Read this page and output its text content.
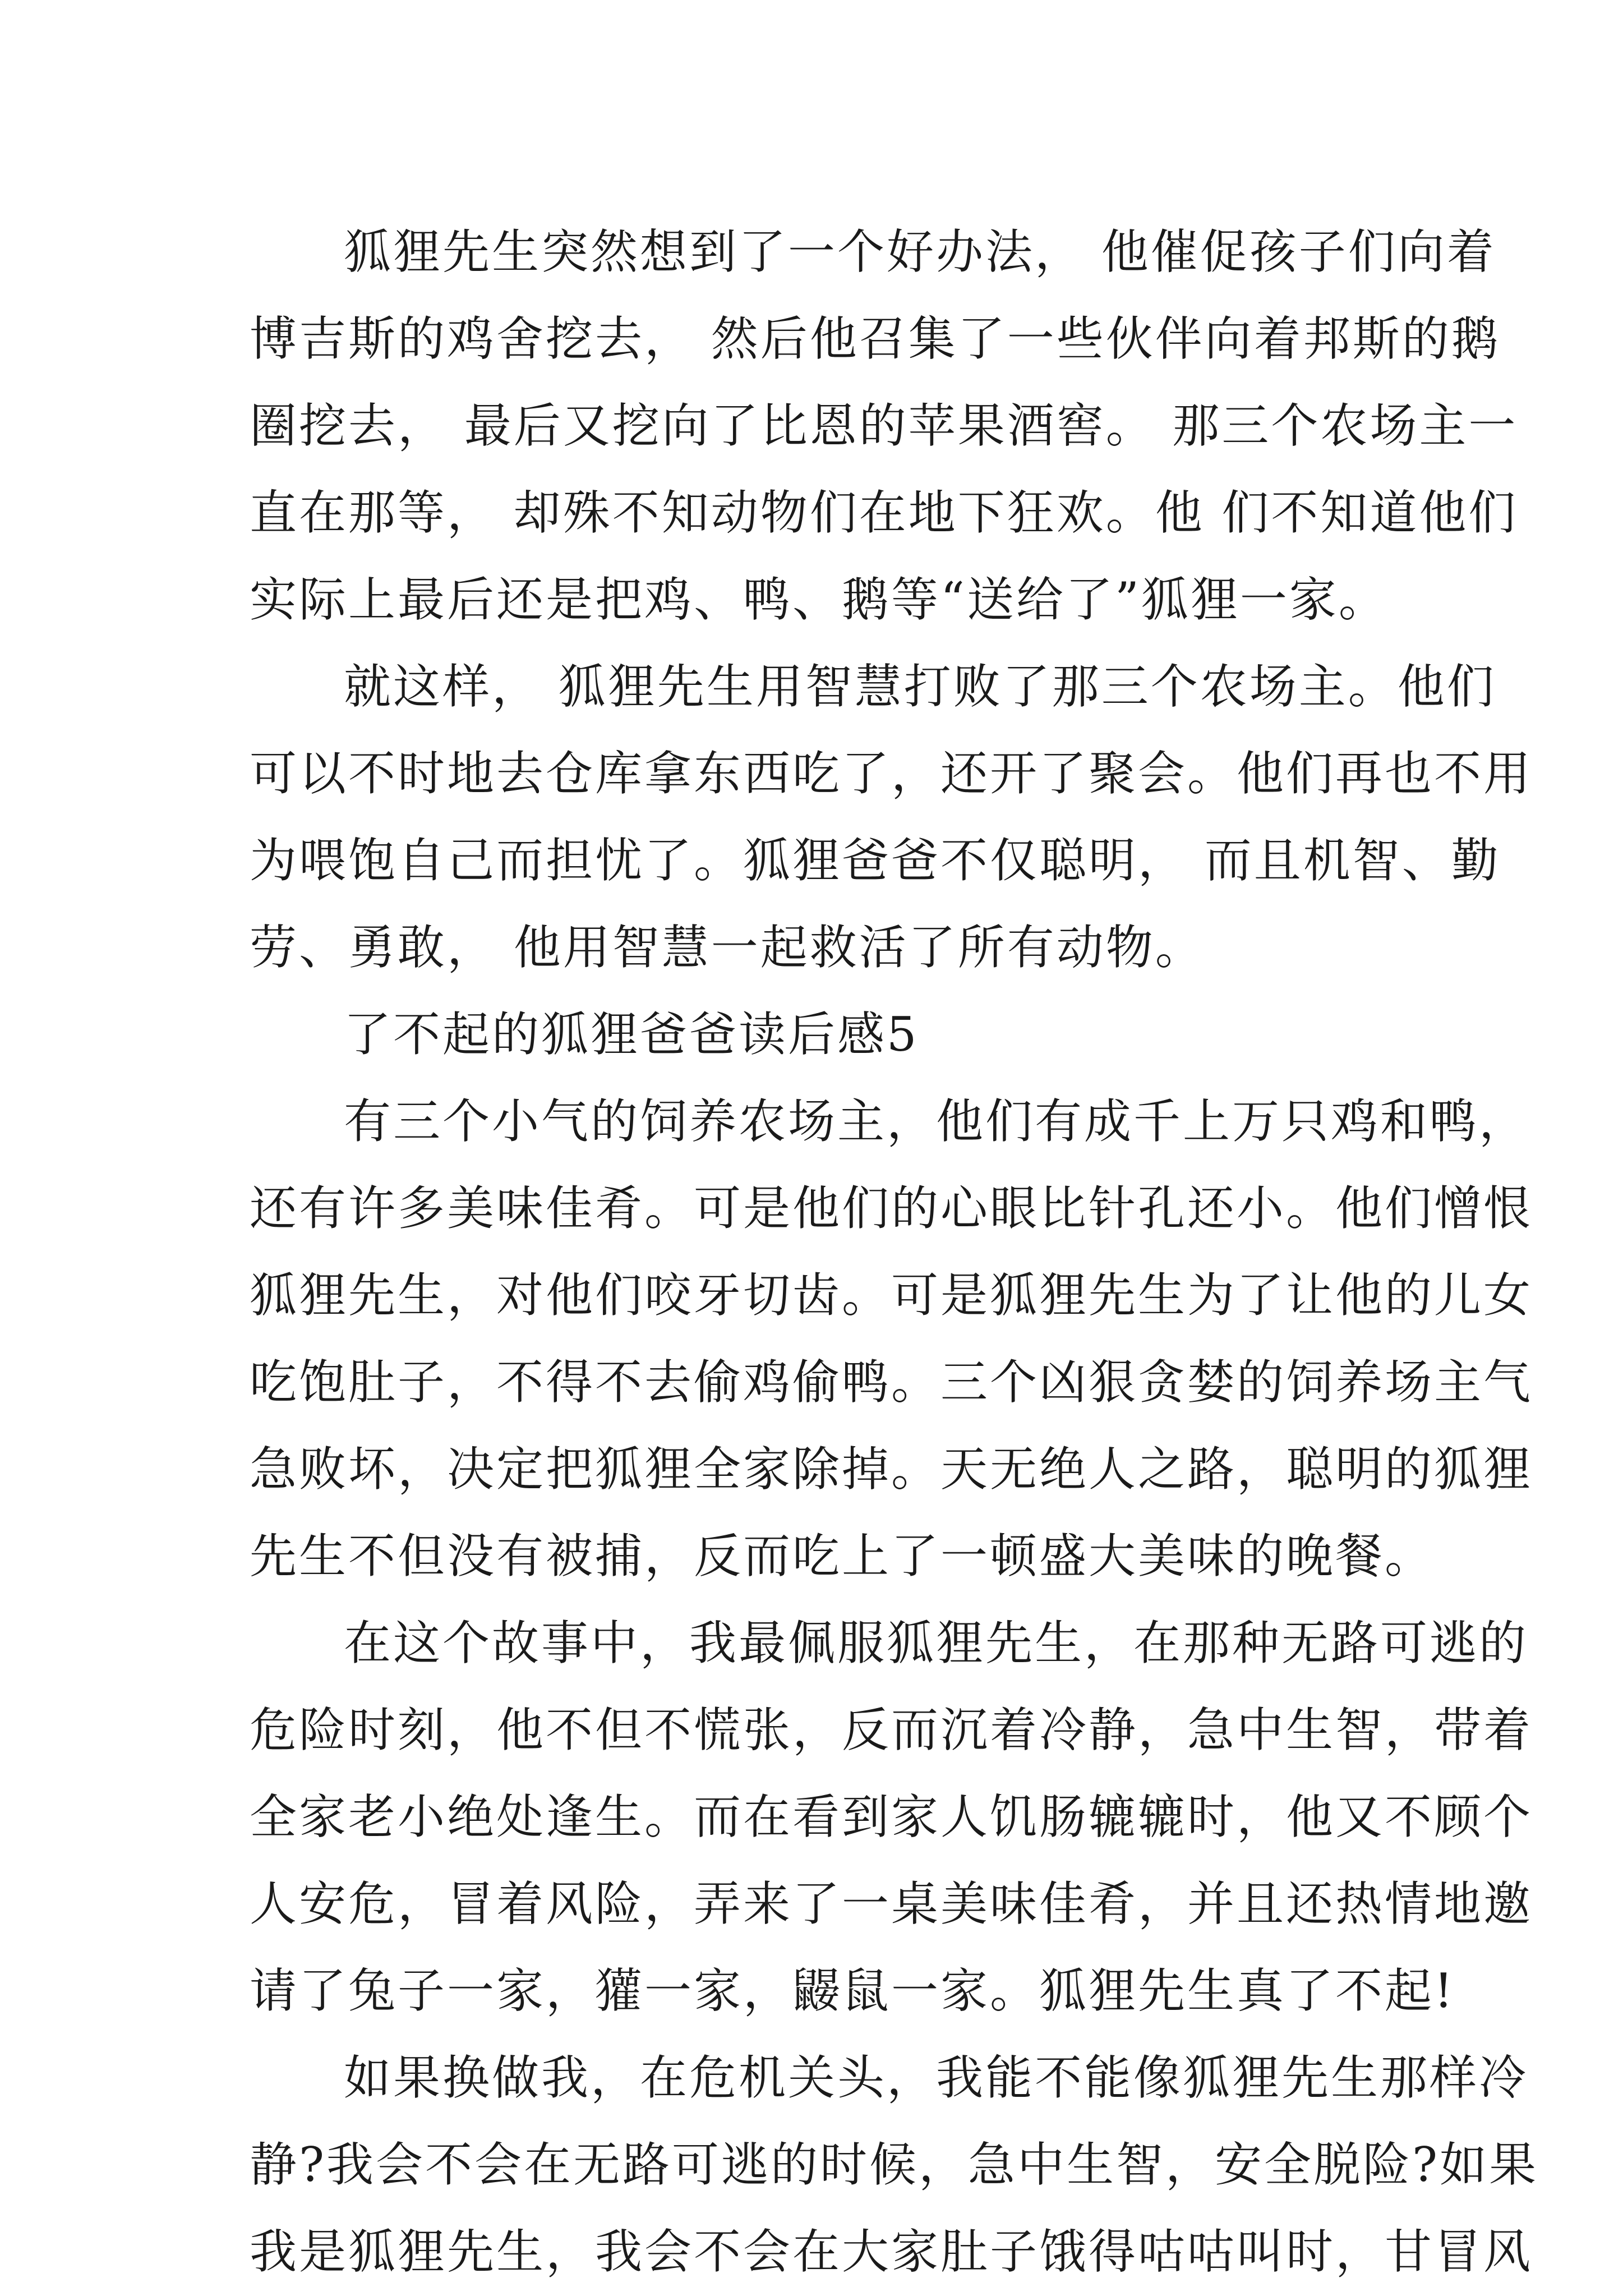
狐狸先生突然想到了一个好办法， 他催促孩子们向着
博吉斯的鸡舍挖去， 然后他召集了一些伙伴向着邦斯的鹅
圈挖去， 最后又挖向了比恩的苹果酒窖。 那三个农场主一
直在那等， 却殊不知动物们在地下狂欢。他 们不知道他们
实际上最后还是把鸡、鸭、鹅等“送给了”狐狸一家。
就这样， 狐狸先生用智慧打败了那三个农场主。他们
可以不时地去仓库拿东西吃了，还开了聚会。他们再也不用
为喂饱自己而担忧了。狐狸爸爸不仅聪明， 而且机智、勤
劳、勇敢， 他用智慧一起救活了所有动物。
了不起的狐狸爸爸读后感5
有三个小气的饲养农场主，他们有成千上万只鸡和鸭，
还有许多美味佳肴。可是他们的心眼比针孔还小。他们憎恨
狐狸先生，对他们咬牙切齿。可是狐狸先生为了让他的儿女
吃饱肚子，不得不去偷鸡偷鸭。三个凶狠贪婪的饲养场主气
急败坏，决定把狐狸全家除掉。天无绝人之路，聪明的狐狸
先生不但没有被捕，反而吃上了一顿盛大美味的晚餐。
在这个故事中，我最佩服狐狸先生，在那种无路可逃的
危险时刻，他不但不慌张，反而沉着冷静，急中生智，带着
全家老小绝处逢生。而在看到家人饥肠辘辘时，他又不顾个
人安危，冒着风险，弄来了一桌美味佳肴，并且还热情地邀
请了兔子一家，獾一家，鼹鼠一家。狐狸先生真了不起!
如果换做我，在危机关头，我能不能像狐狸先生那样冷
静?我会不会在无路可逃的时候，急中生智，安全脱险?如果
我是狐狸先生，我会不会在大家肚子饿得咕咕叫时，甘冒风
